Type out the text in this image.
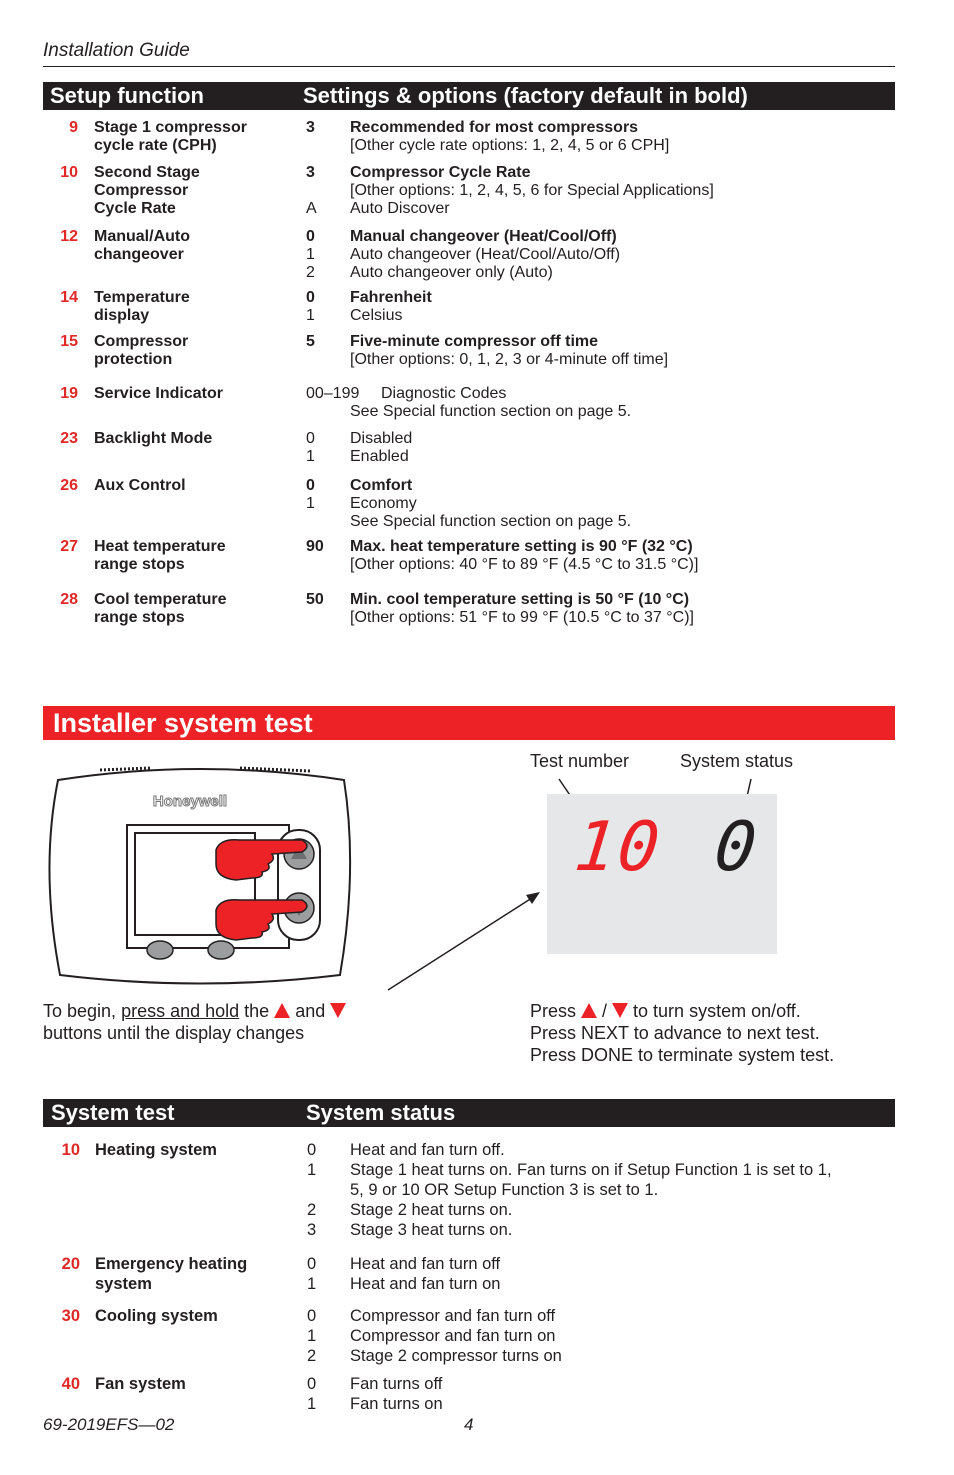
Installation Guide
Setup function	Settings & options (factory default in bold)
9 Stage 1 compressor
cycle rate (CPH)
3 Recommended for most compressors
[Other cycle rate options: 1, 2, 4, 5 or 6 CPH]
10 Second Stage
Compressor
Cycle Rate
3 Compressor Cycle Rate
[Other options: 1, 2, 4, 5, 6 for Special Applications]
A Auto Discover
12 Manual/Auto
changeover
0 Manual changeover (Heat/Cool/Off)
1 Auto changeover (Heat/Cool/Auto/Off)
2 Auto changeover only (Auto)
14 Temperature
display
0 Fahrenheit
1 Celsius
15 Compressor
protection
5 Five-minute compressor off time
[Other options: 0, 1, 2, 3 or 4-minute off time]
19 Service Indicator	00–199 Diagnostic Codes
See Special function section on page 5.
23 Backlight Mode	0 Disabled
1 Enabled
26 Aux Control	0 Comfort
1 Economy
See Special function section on page 5.
27 Heat temperature
range stops
90 Max. heat temperature setting is 90 °F (32 °C)
[Other options: 40 °F to 89 °F (4.5 °C to 31.5 °C)]
28 Cool temperature
range stops
50 Min. cool temperature setting is 50 °F (10 °C)
[Other options: 51 °F to 99 °F (10.5 °C to 37 °C)]
Installer system test
Honeywell
Test number	System status
10 0
To begin, press and hold the  and
buttons until the display changes
Press  /  to turn system on/off.
Press NEXT to advance to next test.
Press DONE to terminate system test.
System test	System status
10 Heating system	0 Heat and fan turn off.
1 Stage 1 heat turns on. Fan turns on if Setup Function 1 is set to 1,
5, 9 or 10 OR Setup Function 3 is set to 1.
2 Stage 2 heat turns on.
3 Stage 3 heat turns on.
20 Emergency heating
system
0 Heat and fan turn off
1 Heat and fan turn on
30 Cooling system	0 Compressor and fan turn off
1 Compressor and fan turn on
2 Stage 2 compressor turns on
40 Fan system	0 Fan turns off
1 Fan turns on
69-2019EFS—02	4
